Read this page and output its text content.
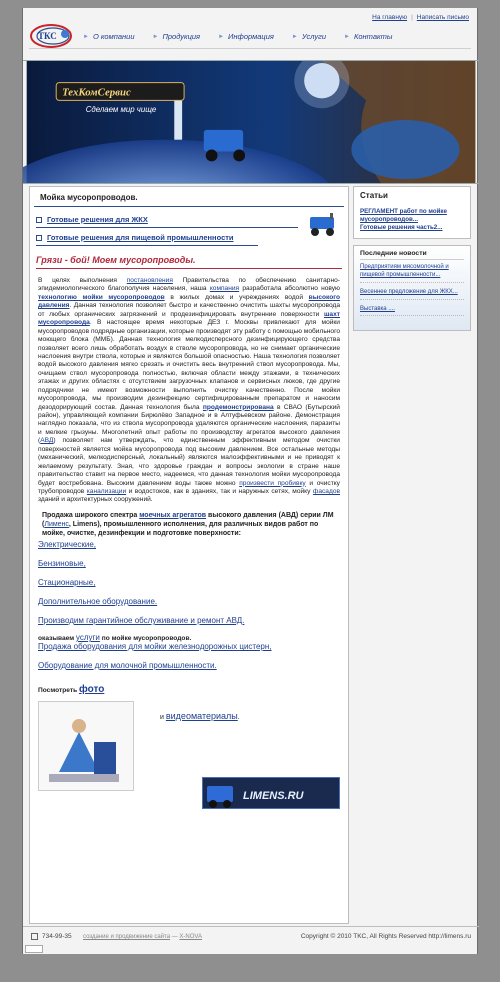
На главную | Написать письмо
ТКС	► О компании	► Продукция	► Информация	► Услуги	► Контакты
ТехКомСервис
Сделаем мир чище
Мойка мусоропроводов.
Готовые решения для ЖКХ
Готовые решения для пищевой промышленности
Грязи - бой! Моем мусоропроводы.
В целях выполнения постановления Правительства по обеспечению санитарно-эпидемиологического благополучия населения, наша компания разработала абсолютно новую технологию мойки мусоропроводов в жилых домах и учреждениях водой высокого давления. Данная технология позволяет быстро и качественно очистить шахты мусоропровода от любых органических загрязнений и продезинфицировать внутренние поверхности шахт мусоропровода. В настоящее время некоторые ДЕЗ г. Москвы привлекают для мойки мусоропроводов подрядные организации, которые производят эту работу с помощью мобильного моющего блока (ММБ). Данная технология мелкодисперсного дезинфицирующего средства позволяет всего лишь обработать воздух в стволе мусоропровода, но не снимает органические наслоения внутри ствола, которые и являются большой опасностью. Наша технология позволяет водой высокого давления мягко срезать и очистить весь внутренний ствол мусоропровода. Мы, очищаем ствол мусоропровода полностью, включая области между этажами, в технических этажах и других областях с отсутствием загрузочных клапанов и сервисных люков, где другие подрядчики не имеют возможности выполнить очистку качественно. После мойки мусоропровода, мы производим дезинфекцию сертифицированным препаратом и наносим дезодорирующий состав. Данная технология была продемонстрирована в СВАО (Бутырский район), управляющей компании Бирюлёво Западное и в Алтуфьевском районе. Демонстрация наглядно показала, что из ствола мусоропровода удаляются органические наслоения, паразиты и мелкие грызуны. Многолетний опыт работы по производству агрегатов высокого давления (АВД) позволяет нам утверждать, что единственным эффективным методом очистки поверхностей является мойка мусоропровода под высоким давлением. Все остальные методы (механический, мелкодисперсный, локальный) являются малоэффективными и не приводят к желаемому результату. Зная, что здоровье граждан и вопросы экологии в стране наше правительство ставит на первое место, надеемся, что данная технология мойки мусоропровода будет востребована. Высоким давлением воды также можно произвести пробивку и очистку трубопроводов канализации и водостоков, как в зданиях, так и наружных сетях, мойку фасадов зданий и архитектурных сооружений.
Продажа широкого спектра моечных агрегатов высокого давления (АВД) серии ЛМ (Лименс, Limens), промышленного исполнения, для различных видов работ по мойке, очистке, дезинфекции и подготовке поверхности:
Электрические,
Бензиновые,
Стационарные,
Дополнительное оборудование.
Производим гарантийное обслуживание и ремонт АВД.
оказываем услуги по мойке мусоропроводов.
Продажа оборудования для мойки железнодорожных цистерн,
Оборудование для молочной промышленности.
Посмотреть фото
и видеоматериалы.
LIMENS.RU
Статьи
РЕГЛАМЕНТ работ по мойке мусоропроводов...
Готовые решения часть2...
Последние новости
Предприятиям мясомолочной и пищевой промышленности...
Весеннее предложение для ЖКХ...
Выставка ....
734-99-35 создание и продвижение сайта — X-NOVA	Copyright © 2010 TKC, All Rights Reserved http://limens.ru
